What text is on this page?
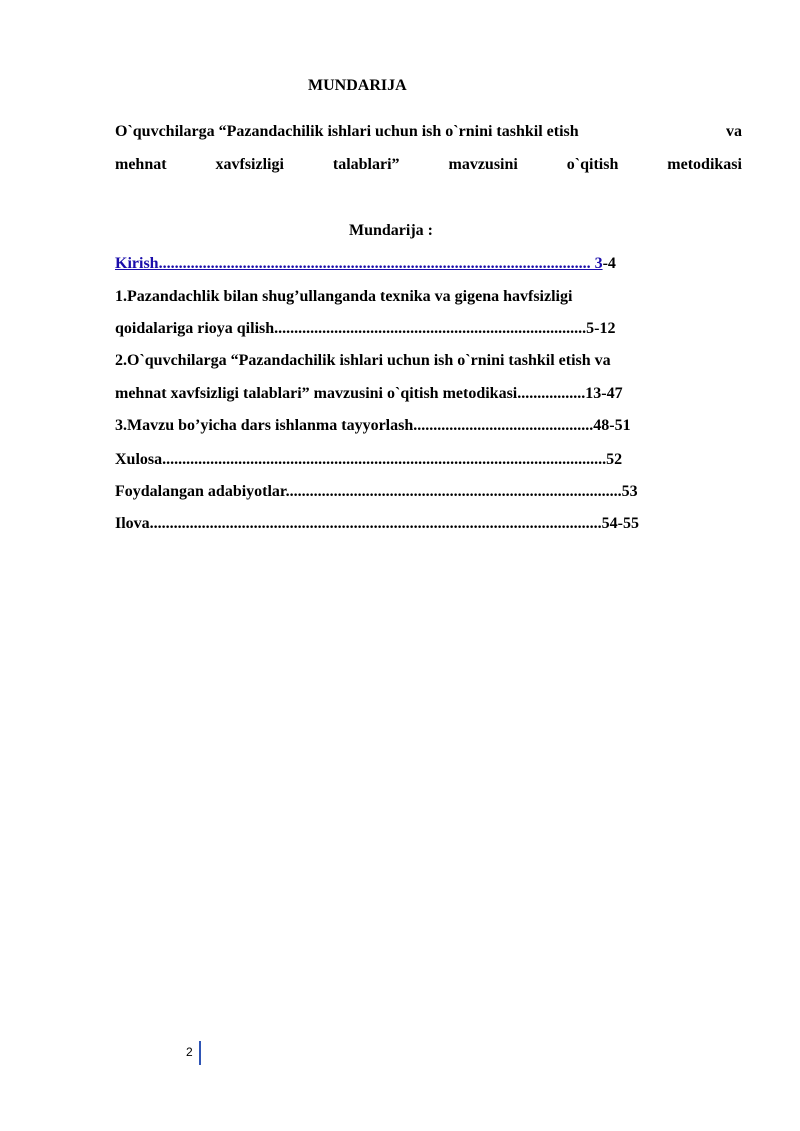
MUNDARIJA
O`quvchilarga “Pazandachilik ishlari uchun ish o`rnini tashkil etish	va
mehnat	xavfsizligi	talablari”	mavzusini	o`qitish	metodikasi
Mundarija :
Kirish............................................................................................................ 3-4
1.Pazandachlik bilan shug’ullanganda texnika va gigena havfsizligi
qoidalariga rioya qilish..............................................................................5-12
2.O`quvchilarga “Pazandachilik ishlari uchun ish o`rnini tashkil etish va
mehnat xavfsizligi talablari” mavzusini o`qitish metodikasi.................13-47
3.Mavzu bo’yicha dars ishlanma tayyorlash.............................................48-51
Xulosa...............................................................................................................52
Foydalangan adabiyotlar....................................................................................53
Ilova.................................................................................................................54-55
2
